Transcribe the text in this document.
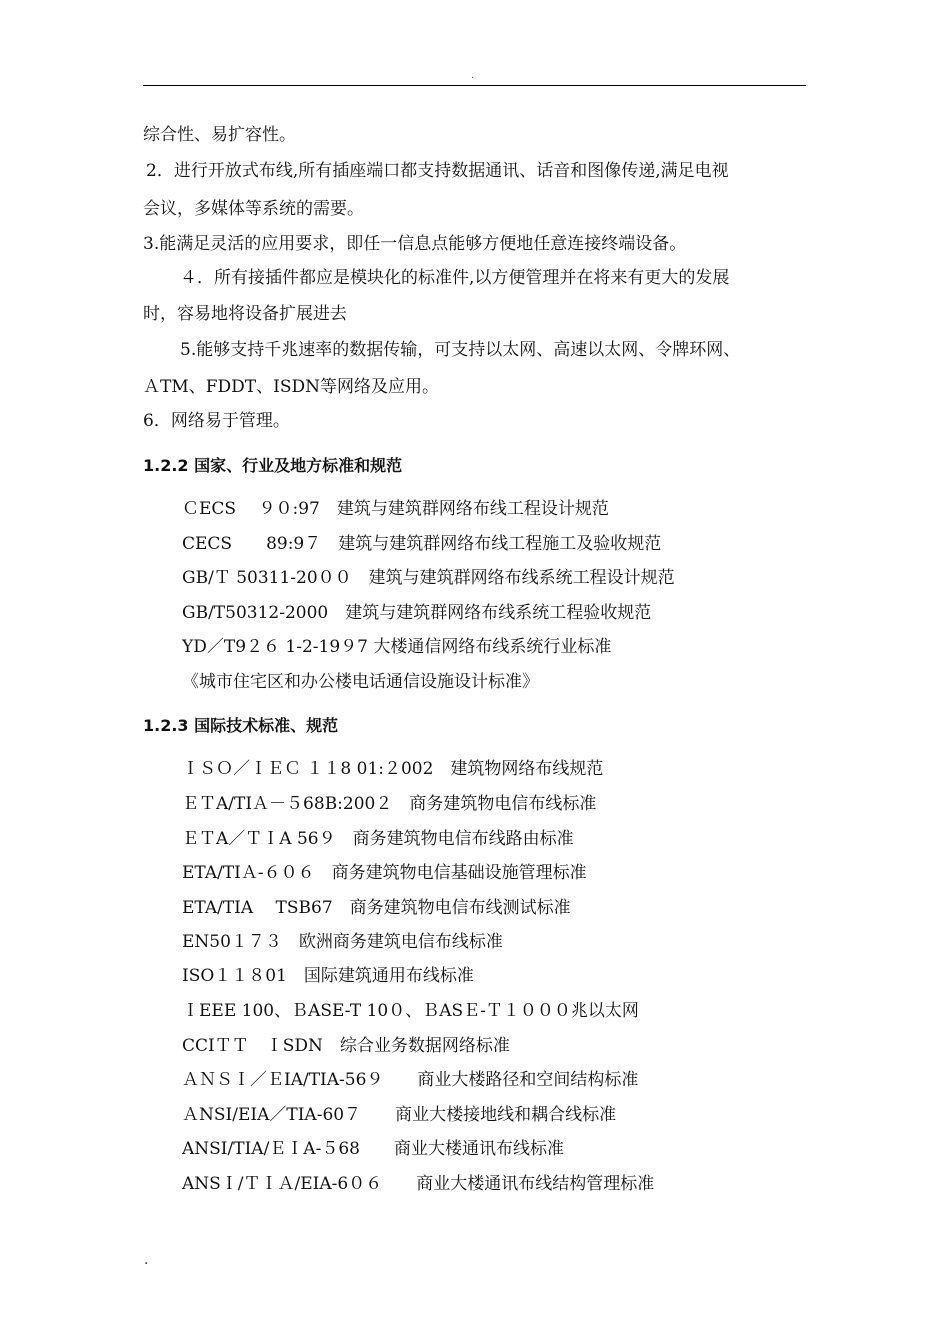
.
综合性、易扩容性。
2．进行开放式布线,所有插座端口都支持数据通讯、话音和图像传递,满足电视
会议，多媒体等系统的需要。
3.能满足灵活的应用要求，即任一信息点能够方便地任意连接终端设备。
４．所有接插件都应是模块化的标准件,以方便管理并在将来有更大的发展
时，容易地将设备扩展进去
5.能够支持千兆速率的数据传输，可支持以太网、高速以太网、令牌环网、
ＡTM、FDDT、ISDN等网络及应用。
6．网络易于管理。
1.2.2 国家、行业及地方标准和规范
ＣECS　 ９０:97　建筑与建筑群网络布线工程设计规范
CECS　　89:9７　建筑与建筑群网络布线工程施工及验收规范
GB/Ｔ 50311-20００　建筑与建筑群网络布线系统工程设计规范
GB/T50312-2000　建筑与建筑群网络布线系统工程验收规范
YD／T9２６ 1-2-19９7 大楼通信网络布线系统行业标准
《城市住宅区和办公楼电话通信设施设计标准》
1.2.3 国际技术标准、规范
ＩＳＯ／ＩＥＣ １１8 01:２002　建筑物网络布线规范
ＥＴA/TIＡ－５68B:200２　商务建筑物电信布线标准
ＥＴA／ＴＩA 56９　商务建筑物电信布线路由标准
ETA/TIＡ-６０６　商务建筑物电信基础设施管理标准
ETA/TIA　 TSB67　商务建筑物电信布线测试标准
EN50１７３　欧洲商务建筑电信布线标准
ISO１１８01　国际建筑通用布线标准
ＩEEE 100、ＢASE-T 10０、ＢASＥ-Ｔ１０００兆以太网
CCIＴＴ　ＩSDN　综合业务数据网络标准
ＡＮＳＩ／ＥIA/TIA-56９　　商业大楼路径和空间结构标准
ＡNSI/EIA／TIA-60７　　商业大楼接地线和耦合线标准
ANSI/TIA/ＥＩA-５68　　商业大楼通讯布线标准
ANSＩ/ＴＩＡ/EIA-6０６　　商业大楼通讯布线结构管理标准
.
